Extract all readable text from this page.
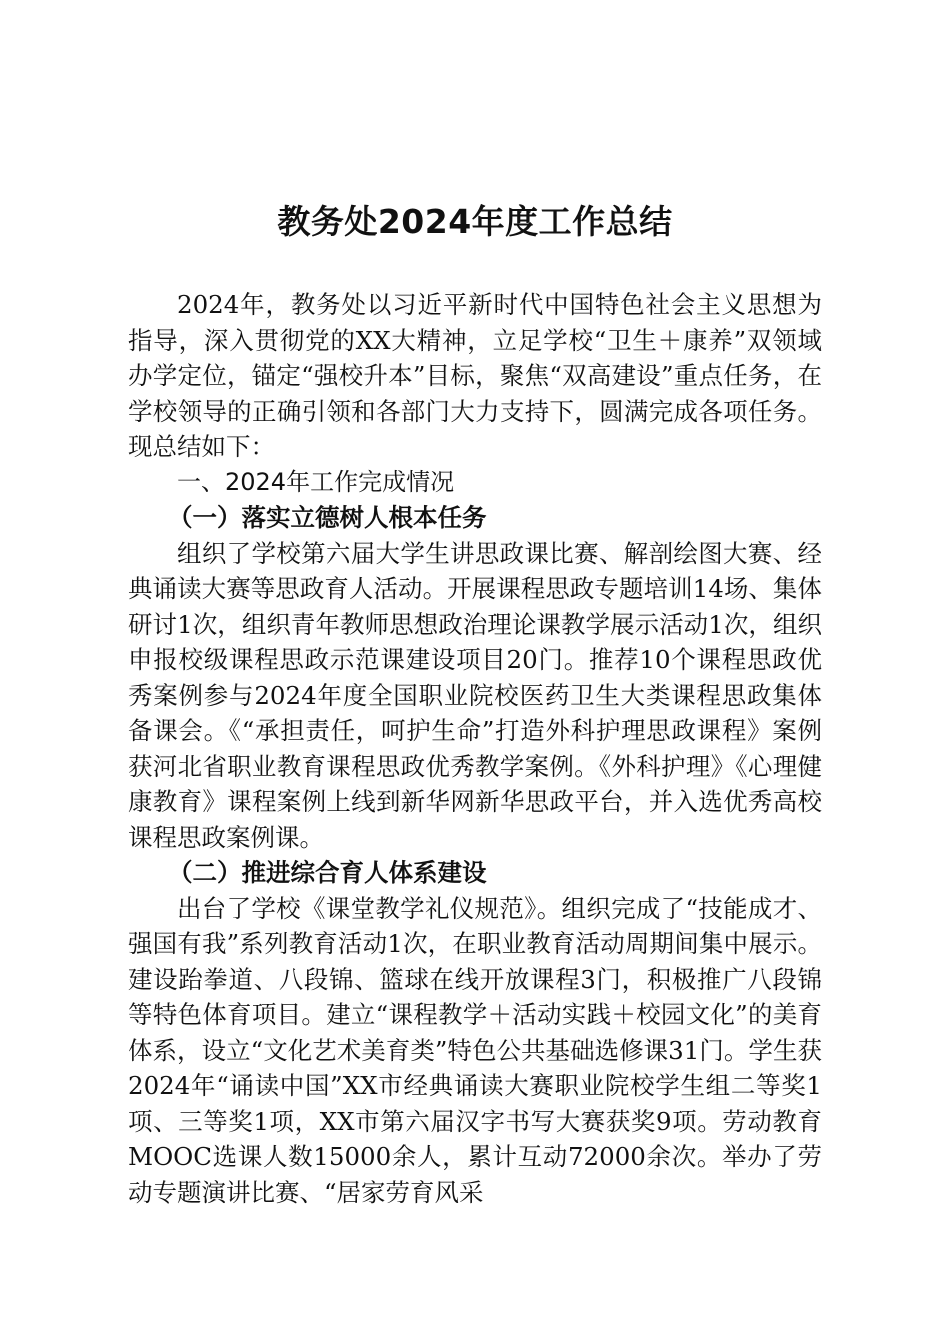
教务处2024年度工作总结

2024年，教务处以习近平新时代中国特色社会主义思想为指导，深入贯彻党的XX大精神，立足学校“卫生＋康养”双领域办学定位，锚定“强校升本”目标，聚焦“双高建设”重点任务，在学校领导的正确引领和各部门大力支持下，圆满完成各项任务。现总结如下：

一、2024年工作完成情况

（一）落实立德树人根本任务

组织了学校第六届大学生讲思政课比赛、解剖绘图大赛、经典诵读大赛等思政育人活动。开展课程思政专题培训14场、集体研讨1次，组织青年教师思想政治理论课教学展示活动1次，组织申报校级课程思政示范课建设项目20门。推荐10个课程思政优秀案例参与2024年度全国职业院校医药卫生大类课程思政集体备课会。《“承担责任，呵护生命”打造外科护理思政课程》案例获河北省职业教育课程思政优秀教学案例。《外科护理》《心理健康教育》课程案例上线到新华网新华思政平台，并入选优秀高校课程思政案例课。

（二）推进综合育人体系建设

出台了学校《课堂教学礼仪规范》。组织完成了“技能成才、强国有我”系列教育活动1次，在职业教育活动周期间集中展示。建设跆拳道、八段锦、篮球在线开放课程3门，积极推广八段锦等特色体育项目。建立“课程教学＋活动实践＋校园文化”的美育体系，设立“文化艺术美育类”特色公共基础选修课31门。学生获2024年“诵读中国”XX市经典诵读大赛职业院校学生组二等奖1项、三等奖1项，XX市第六届汉字书写大赛获奖9项。劳动教育MOOC选课人数15000余人，累计互动72000余次。举办了劳动专题演讲比赛、“居家劳育风采
